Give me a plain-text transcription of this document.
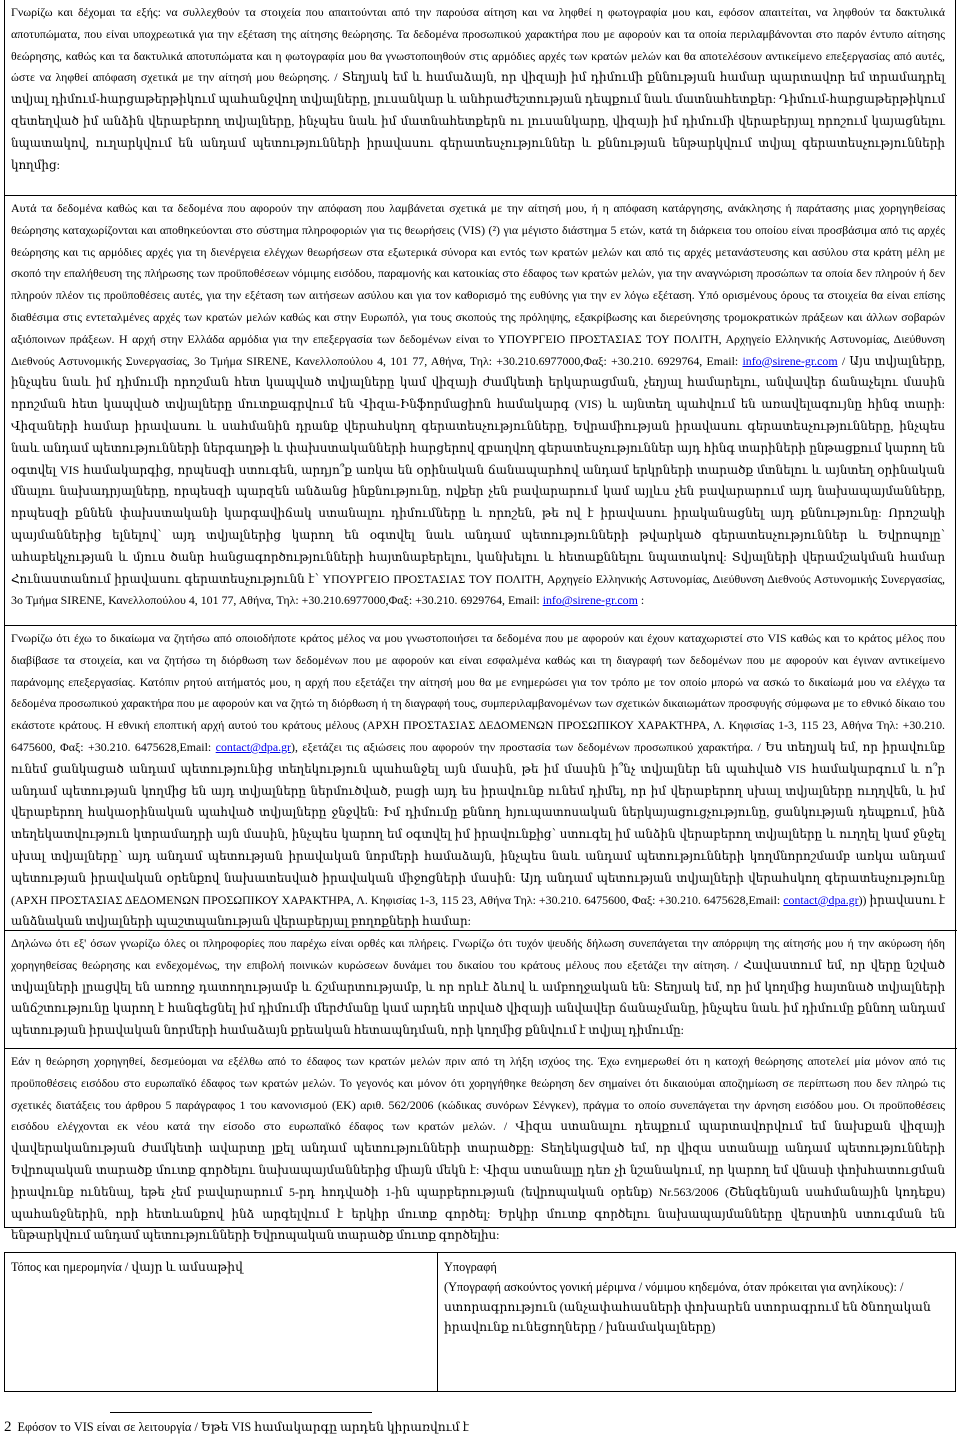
Γνωρίζω και δέχομαι τα εξής: να συλλεχθούν τα στοιχεία που απαιτούνται από την παρούσα αίτηση και να ληφθεί η φωτογραφία μου και, εφόσον απαιτείται, να ληφθούν τα δακτυλικά αποτυπώματα, που είναι υποχρεωτικά για την εξέταση της αίτησης θεώρησης. Τα δεδομένα προσωπικού χαρακτήρα που με αφορούν και τα οποία περιλαμβάνονται στο παρόν έντυπο αίτησης θεώρησης, καθώς και τα δακτυλικά αποτυπώματα και η φωτογραφία μου θα γνωστοποιηθούν στις αρμόδιες αρχές των κρατών μελών και θα αποτελέσουν αντικείμενο επεξεργασίας από αυτές, ώστε να ληφθεί απόφαση σχετικά με την αίτησή μου θεώρησης. / Տեղյակ եմ և համաձայն, որ վիզայի իմ դիմումի քննության համար պարտավոր եմ տրամադրել տվյալ դիմում-հարցաթերթիկում պահանջվող տվյալները, լուսանկար և անհրաժեշտության դեպքում նաև մատնահետքեր: Դիմում-հարցաթերթիկում զետեղված իմ անձին վերաբերող տվյալները, ինչպես նաև իմ մատնահետքերն ու լուսանկարը, վիզայի իմ դիմումի վերաբերյալ որոշում կայացնելու նպատակով, ուղարկվում են անդամ պետությունների իրավասու գերատեսչություններ և քննության ենթարկվում տվյալ գերատեսչությունների կողմից:
Αυτά τα δεδομένα καθώς και τα δεδομένα που αφορούν την απόφαση που λαμβάνεται σχετικά με την αίτησή μου, ή η απόφαση κατάργησης, ανάκλησης ή παράτασης μιας χορηγηθείσας θεώρησης καταχωρίζονται και αποθηκεύονται στο σύστημα πληροφοριών για τις θεωρήσεις (VIS) (²) για μέγιστο διάστημα 5 ετών, κατά τη διάρκεια του οποίου είναι προσβάσιμα από τις αρχές θεώρησης και τις αρμόδιες αρχές για τη διενέργεια ελέγχων θεωρήσεων στα εξωτερικά σύνορα και εντός των κρατών μελών και από τις αρχές μετανάστευσης και ασύλου στα κράτη μέλη με σκοπό την επαλήθευση της πλήρωσης των προϋποθέσεων νόμιμης εισόδου, παραμονής και κατοικίας στο έδαφος των κρατών μελών, για την αναγνώριση προσώπων τα οποία δεν πληρούν ή δεν πληρούν πλέον τις προϋποθέσεις αυτές, για την εξέταση των αιτήσεων ασύλου και για τον καθορισμό της ευθύνης για την εν λόγω εξέταση. Υπό ορισμένους όρους τα στοιχεία θα είναι επίσης διαθέσιμα στις εντεταλμένες αρχές των κρατών μελών καθώς και στην Ευρωπόλ, για τους σκοπούς της πρόληψης, εξακρίβωσης και διερεύνησης τρομοκρατικών πράξεων και άλλων σοβαρών αξιόποινων πράξεων. Η αρχή στην Ελλάδα αρμόδια για την επεξεργασία των δεδομένων είναι το ΥΠΟΥΡΓΕΙΟ ΠΡΟΣΤΑΣΙΑΣ ΤΟΥ ΠΟΛΙΤΗ, Αρχηγείο Ελληνικής Αστυνομίας, Διεύθυνση Διεθνούς Αστυνομικής Συνεργασίας, 3ο Τμήμα SIRENE, Κανελλοπούλου 4, 101 77, Αθήνα, Τηλ: +30.210.6977000,Φαξ: +30.210. 6929764, Email: info@sirene-gr.com / Այս տվյալները, ինչպես նաև իմ դիմումի որոշման հետ կապված տվյալները կամ վիզայի ժամկետի երկարացման, չեղյալ համարելու, անվավեր ճանաչելու մասին որոշման հետ կապված տվյալները մուտքագրվում են Վիզա-Ինֆորմացիոն համակարգ (VIS) և այնտեղ պահվում են առավելագույնը հինգ տարի: Վիզաների համար իրավասու և սահմանին դրանք վերահսկող գերատեսչությունները, Եվրամիության իրավասու գերատեսչությունները, ինչպես նաև անդամ պետությունների ներգաղթի և փախստականների հարցերով զբաղվող գերատեսչություններ այդ հինգ տարիների ընթացքում կարող են օգտվել VIS համակարգից, որպեսզի ստուգեն, արդյո՞ք առկա են օրինական ճանապարհով անդամ երկրների տարածք մտնելու և այնտեղ օրինական մնալու նախադրյալները, որպեսզի պարզեն անձանց ինքնությունը, ովքեր չեն բավարարում կամ այլևս չեն բավարարում այդ նախապայմանները, որպեսզի քննեն փախստականի կարգավիճակ ստանալու դիմումները և որոշեն, թե ով է իրավասու իրականացնել այդ քննությունը: Որոշակի պայմաններից ելնելով՝ այդ տվյալներից կարող են օգտվել նաև անդամ պետությունների թվարկած գերատեսչություններ և Եվրոպոլը՝ ահաբեկչության և մյուս ծանր հանցագործությունների հայտնաբերելու, կանխելու և հետաքննելու նպատակով: Տվյալների վերամշակման համար Հունաստանում իրավասու գերատեսչությունն է՝ ΥΠΟΥΡΓΕΙΟ ΠΡΟΣΤΑΣΙΑΣ ΤΟΥ ΠΟΛΙΤΗ, Αρχηγείο Ελληνικής Αστυνομίας, Διεύθυνση Διεθνούς Αστυνομικής Συνεργασίας, 3ο Τμήμα SIRENE, Κανελλοπούλου 4, 101 77, Αθήνα, Τηλ: +30.210.6977000,Φαξ: +30.210. 6929764, Email: info@sirene-gr.com :
Γνωρίζω ότι έχω το δικαίωμα να ζητήσω από οποιοδήποτε κράτος μέλος να μου γνωστοποιήσει τα δεδομένα που με αφορούν και έχουν καταχωριστεί στο VIS καθώς και το κράτος μέλος που διαβίβασε τα στοιχεία, και να ζητήσω τη διόρθωση των δεδομένων που με αφορούν και είναι εσφαλμένα καθώς και τη διαγραφή των δεδομένων που με αφορούν και έγιναν αντικείμενο παράνομης επεξεργασίας. Κατόπιν ρητού αιτήματός μου, η αρχή που εξετάζει την αίτησή μου θα με ενημερώσει για τον τρόπο με τον οποίο μπορώ να ασκώ το δικαίωμά μου να ελέγχω τα δεδομένα προσωπικού χαρακτήρα που με αφορούν και να ζητώ τη διόρθωση ή τη διαγραφή τους, συμπεριλαμβανομένων των σχετικών δικαιωμάτων προσφυγής σύμφωνα με το εθνικό δίκαιο του εκάστοτε κράτους. Η εθνική εποπτική αρχή αυτού του κράτους μέλους (ΑΡΧΗ ΠΡΟΣΤΑΣΙΑΣ ΔΕΔΟΜΕΝΩΝ ΠΡΟΣΩΠΙΚΟΥ ΧΑΡΑΚΤΗΡΑ, Λ. Κηφισίας 1-3, 115 23, Αθήνα Τηλ: +30.210. 6475600, Φαξ: +30.210. 6475628,Email: contact@dpa.gr), εξετάζει τις αξιώσεις που αφορούν την προστασία των δεδομένων προσωπικού χαρακτήρα. / Ես տեղյակ եմ, որ իրավունք ունեմ ցանկացած անդամ պետությունից տեղեկություն պահանջել այն մասին, թե իմ մասին ի՞նչ տվյալներ են պահված VIS համակարգում և ո՞ր անդամ պետության կողմից են այդ տվյալները ներմուծված, բացի այդ ես իրավունք ունեմ դիմել, որ իմ վերաբերող սխալ տվյալները ուղղվեն, և իմ վերաբերող հակաօրինական պահված տվյալները ջնջվեն: Իմ դիմումը քննող հյուպատոսական ներկայացուցչությունը, ցանկության դեպքում, ինձ տեղեկատվություն կտրամադրի այն մասին, ինչպես կարող եմ օգտվել իմ իրավունքից՝ ստուգել իմ անձին վերաբերող տվյալները և ուղղել կամ ջնջել սխալ տվյալները՝ այդ անդամ պետության իրավական նորմերի համաձայն, ինչպես նաև անդամ պետությունների կողմնորոշմամբ առկա անդամ պետության իրավական օրենքով նախատեսված իրավական միջոցների մասին: Այդ անդամ պետության տվյալների վերահսկող գերատեսչությունը (ΑΡΧΗ ΠΡΟΣΤΑΣΙΑΣ ΔΕΔΟΜΕΝΩΝ ΠΡΟΣΩΠΙΚΟΥ ΧΑΡΑΚΤΗΡΑ, Λ. Κηφισίας 1-3, 115 23, Αθήνα Τηλ: +30.210. 6475600, Φαξ: +30.210. 6475628,Email: contact@dpa.gr)) իրավասու է անձնական տվյալների պաշտպանության վերաբերյալ բողոքների համար:
Δηλώνω ότι εξ' όσων γνωρίζω όλες οι πληροφορίες που παρέχω είναι ορθές και πλήρεις. Γνωρίζω ότι τυχόν ψευδής δήλωση συνεπάγεται την απόρριψη της αίτησής μου ή την ακύρωση ήδη χορηγηθείσας θεώρησης και ενδεχομένως, την επιβολή ποινικών κυρώσεων δυνάμει του δικαίου του κράτους μέλους που εξετάζει την αίτηση. / Հավաստում եմ, որ վերը նշված տվյալների լրացվել են առողջ դատողությամբ և ճշմարտությամբ, և որ որևէ ձևով և ամբողջական են: Տեղյակ եմ, որ իմ կողմից հայտնած տվյալների անճշտությունը կարող է հանգեցնել իմ դիմումի մերժմանը կամ արդեն տրված վիզայի անվավեր ճանաչմանը, ինչպես նաև իմ դիմումը քննող անդամ պետության իրավական նորմերի համաձայն քրեական հետապնդման, որի կողմից քննվում է տվյալ դիմումը:
Εάν η θεώρηση χορηγηθεί, δεσμεύομαι να εξέλθω από το έδαφος των κρατών μελών πριν από τη λήξη ισχύος της. Έχω ενημερωθεί ότι η κατοχή θεώρησης αποτελεί μία μόνον από τις προϋποθέσεις εισόδου στο ευρωπαϊκό έδαφος των κρατών μελών. Το γεγονός και μόνον ότι χορηγήθηκε θεώρηση δεν σημαίνει ότι δικαιούμαι αποζημίωση σε περίπτωση που δεν πληρώ τις σχετικές διατάξεις του άρθρου 5 παράγραφος 1 του κανονισμού (ΕΚ) αριθ. 562/2006 (κώδικας συνόρων Σένγκεν), πράγμα το οποίο συνεπάγεται την άρνηση εισόδου μου. Οι προϋποθέσεις εισόδου ελέγχονται εκ νέου κατά την είσοδο στο ευρωπαϊκό έδαφος των κρατών μελών. / Վիզա ստանալու դեպքում պարտավորվում եմ նախքան վիզայի վավերականության ժամկետի ավարտը լքել անդամ պետությունների տարածքը: Տեղեկացված եմ, որ վիզա ստանալը անդամ պետությունների Եվրոպական տարածք մուտք գործելու նախապայմաններից միայն մեկն է: Վիզա ստանալը դեռ չի նշանակում, որ կարող եմ վնասի փոխհատուցման իրավունք ունենալ, եթե չեմ բավարարում 5-րդ հոդվածի 1-ին պարբերության (եվրոպական օրենք) Nr.563/2006 (Շենգենյան սահմանային կոդեքս) պահանջներին, որի հետևանքով ինձ արգելվում է երկիր մուտք գործել: Երկիր մուտք գործելու նախապայմանները վերստին ստուգման են ենթարկվում անդամ պետությունների Եվրոպական տարածք մուտք գործելիս:
Τόπος και ημερομηνία / վայր և ամսաթիվ	Υπογραφή
(Υπογραφή ασκούντος γονική μέριμνα / νόμιμου κηδεμόνα, όταν πρόκειται για ανηλίκους): /
ստորագրություն (անչափահասների փոխարեն ստորագրում են ծնողական իրավունք ունեցողները / խնամակալները)
2 Εφόσον το VIS είναι σε λειτουργία / Եթե VIS համակարգը արդեն կիրառվում է
